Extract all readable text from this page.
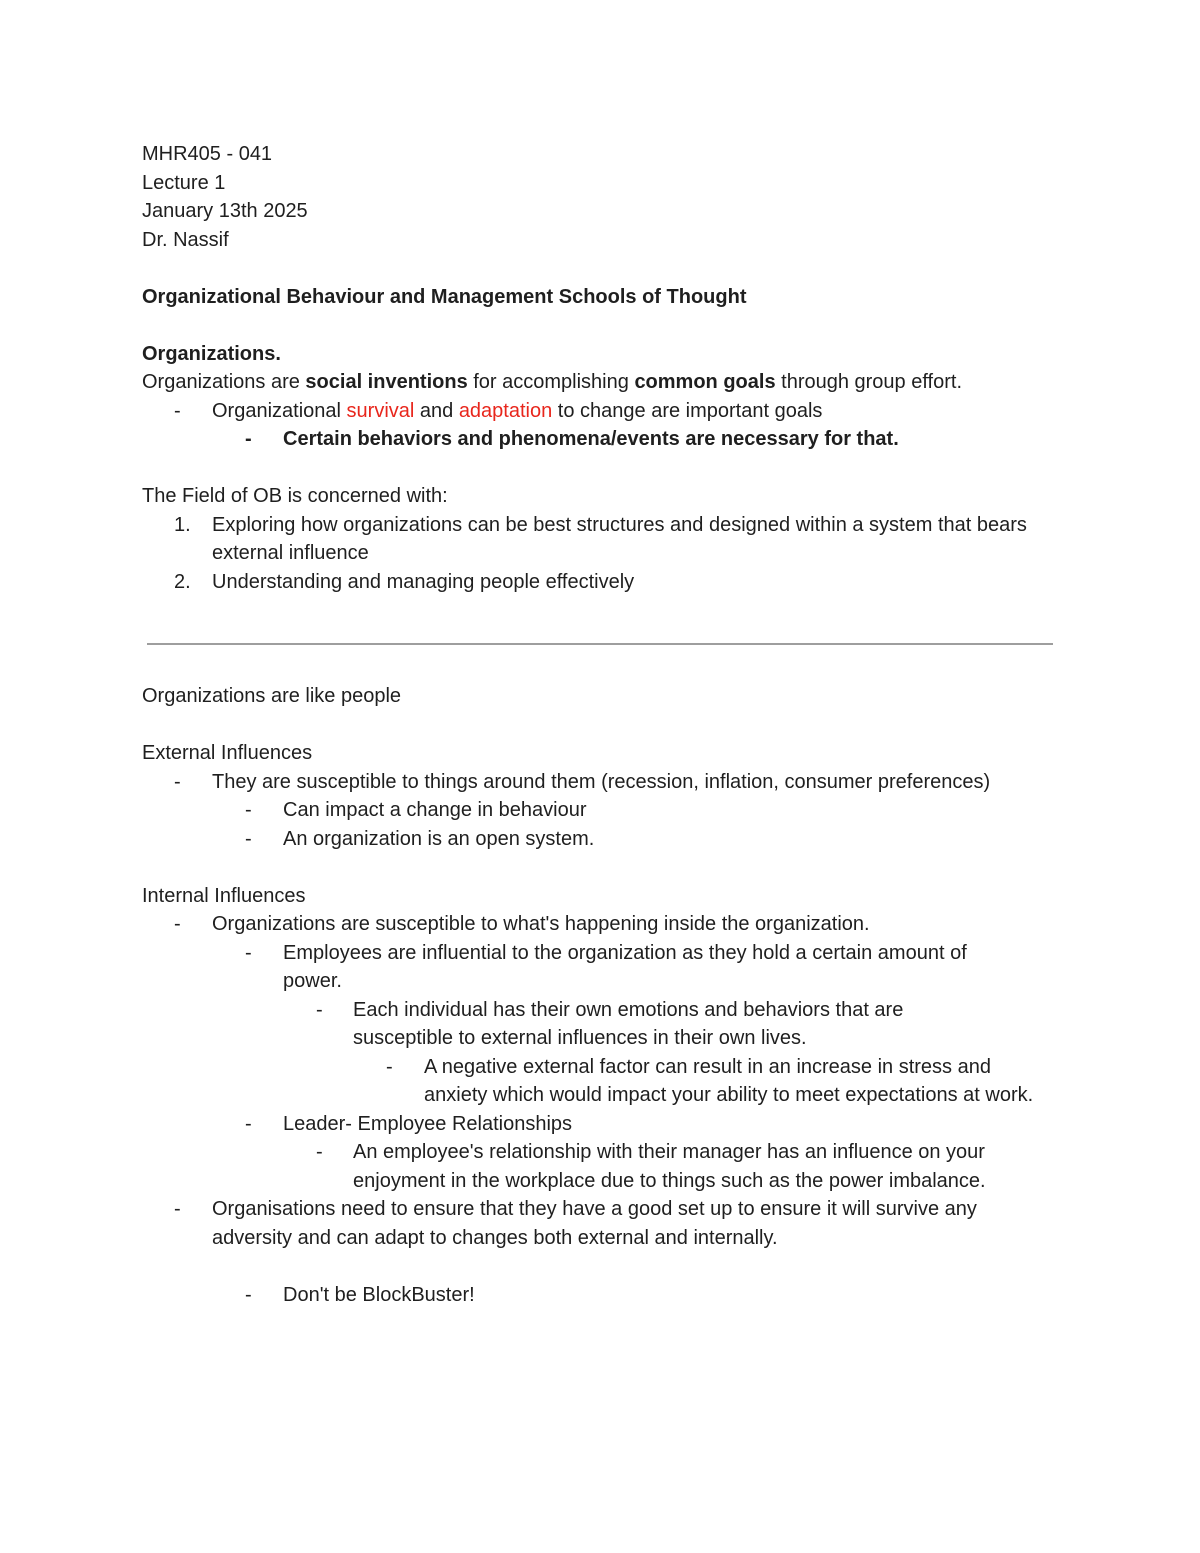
MHR405 - 041
Lecture 1
January 13th 2025
Dr. Nassif
Organizational Behaviour and Management Schools of Thought
Organizations.
Organizations are social inventions for accomplishing common goals through group effort.
-	Organizational survival and adaptation to change are important goals
-	Certain behaviors and phenomena/events are necessary for that.
The Field of OB is concerned with:
1.	Exploring how organizations can be best structures and designed within a system that bears external influence
2.	Understanding and managing people effectively
Organizations are like people
External Influences
-	They are susceptible to things around them (recession, inflation, consumer preferences)
-	Can impact a change in behaviour
-	An organization is an open system.
Internal Influences
-	Organizations are susceptible to what's happening inside the organization.
-	Employees are influential to the organization as they hold a certain amount of power.
-	Each individual has their own emotions and behaviors that are susceptible to external influences in their own lives.
-	A negative external factor can result in an increase in stress and anxiety which would impact your ability to meet expectations at work.
-	Leader- Employee Relationships
-	An employee's relationship with their manager has an influence on your enjoyment in the workplace due to things such as the power imbalance.
-	Organisations need to ensure that they have a good set up to ensure it will survive any adversity and can adapt to changes both external and internally.
-	Don't be BlockBuster!
